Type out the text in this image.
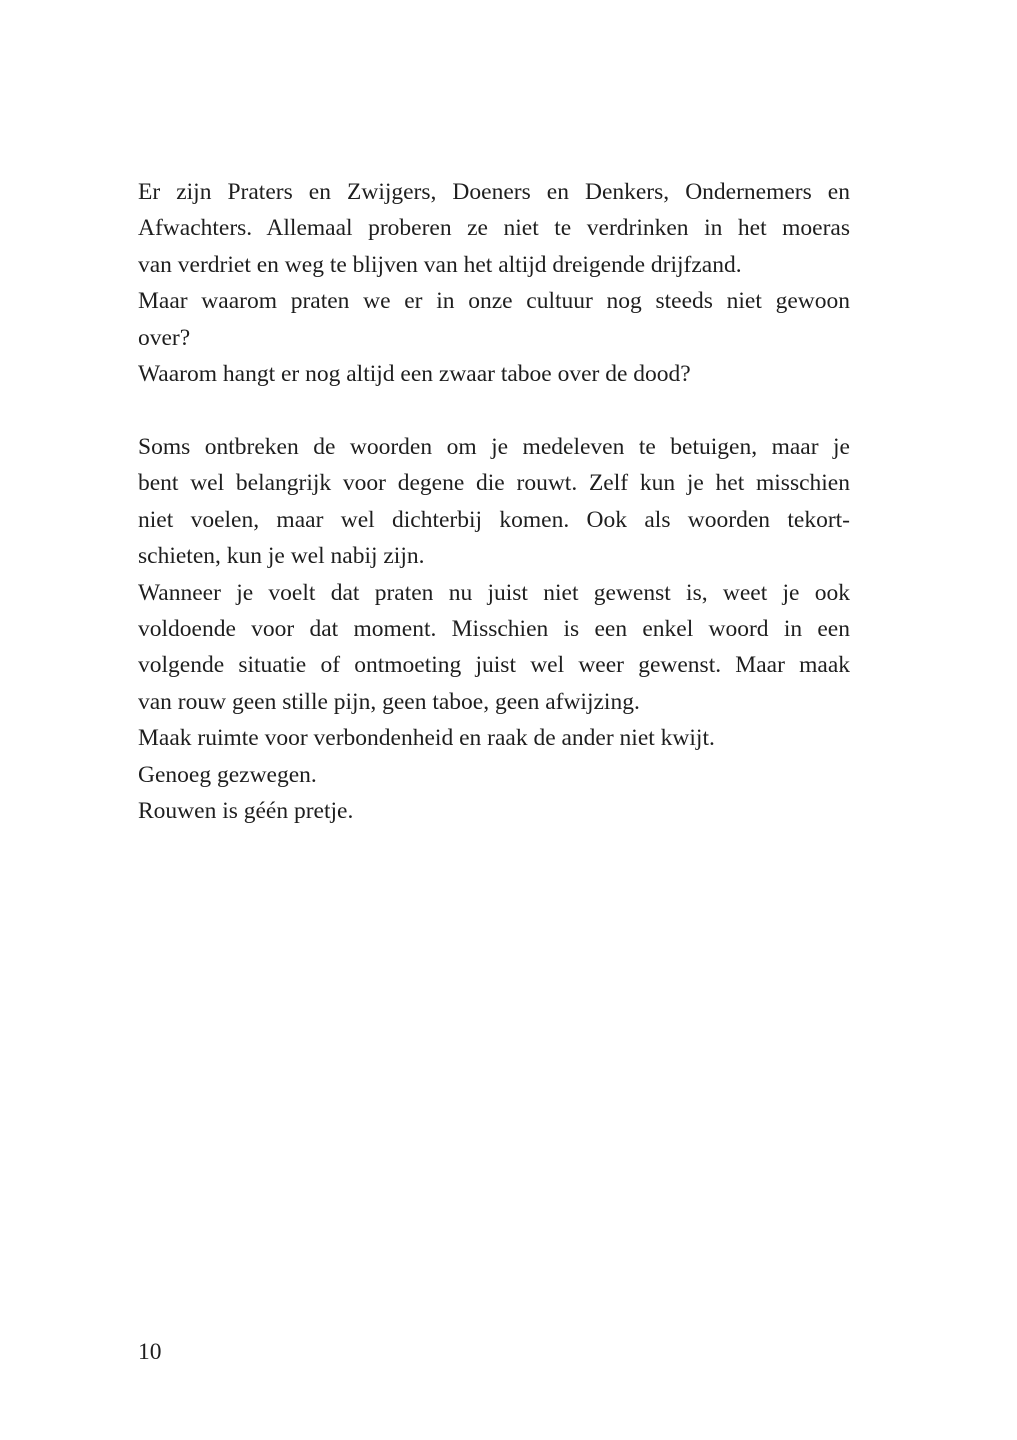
Er zijn Praters en Zwijgers, Doeners en Denkers, Ondernemers en
Afwachters. Allemaal proberen ze niet te verdrinken in het moeras
van verdriet en weg te blijven van het altijd dreigende drijfzand.
Maar waarom praten we er in onze cultuur nog steeds niet gewoon
over?
Waarom hangt er nog altijd een zwaar taboe over de dood?
Soms ontbreken de woorden om je medeleven te betuigen, maar je
bent wel belangrijk voor degene die rouwt. Zelf kun je het misschien
niet voelen, maar wel dichterbij komen. Ook als woorden tekort-
schieten, kun je wel nabij zijn.
Wanneer je voelt dat praten nu juist niet gewenst is, weet je ook
voldoende voor dat moment. Misschien is een enkel woord in een
volgende situatie of ontmoeting juist wel weer gewenst. Maar maak
van rouw geen stille pijn, geen taboe, geen afwijzing.
Maak ruimte voor verbondenheid en raak de ander niet kwijt.
Genoeg gezwegen.
Rouwen is géén pretje.
10
